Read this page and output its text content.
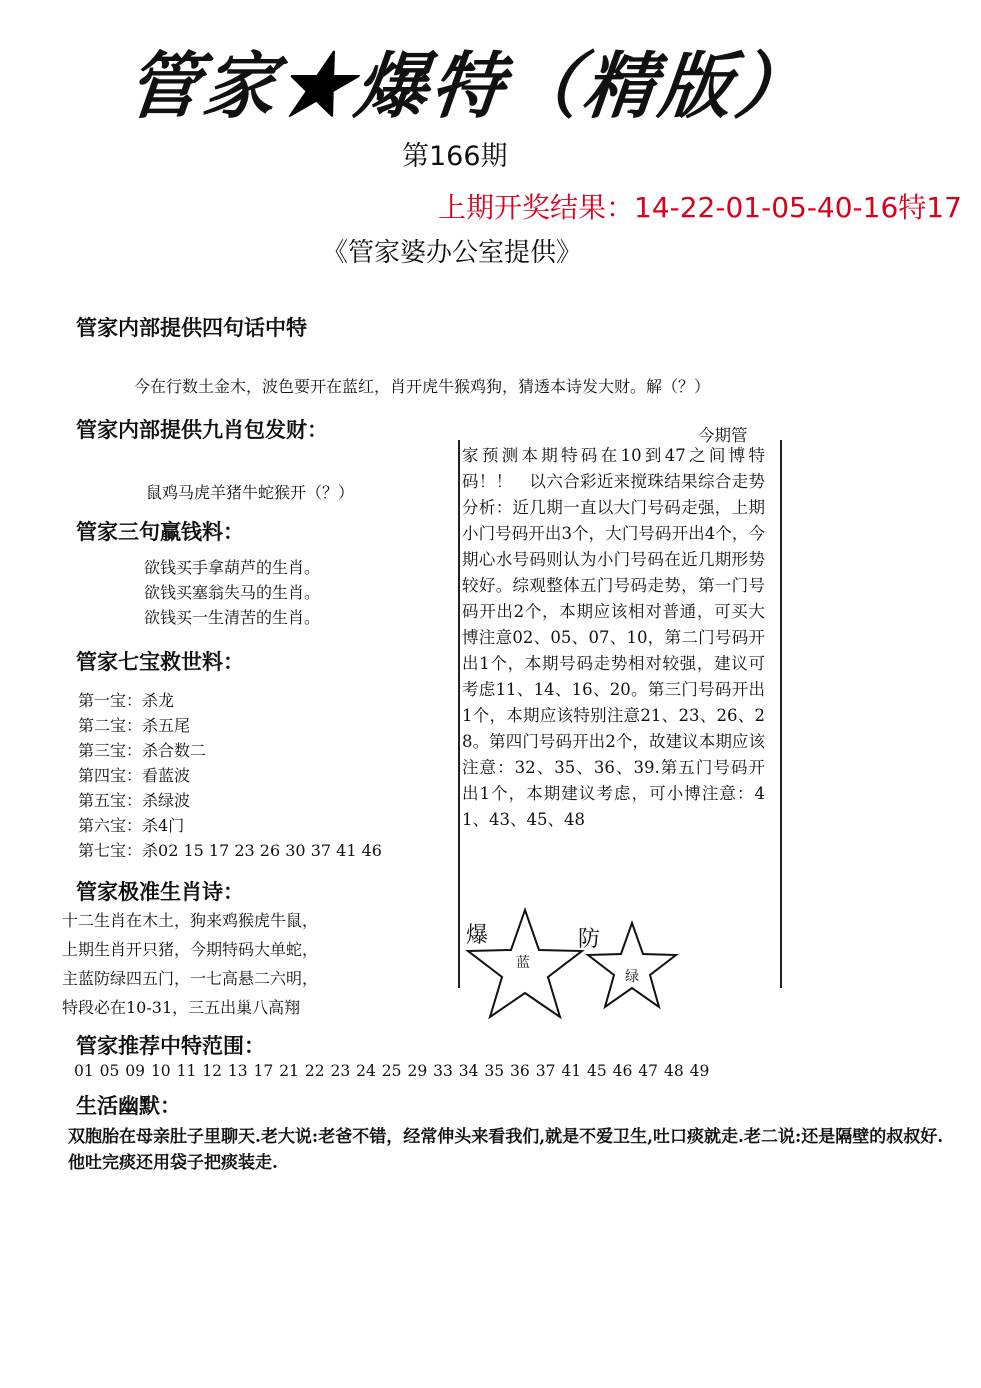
管家★爆特（精版）
第166期
上期开奖结果：14-22-01-05-40-16特17
《管家婆办公室提供》
管家内部提供四句话中特
今在行数土金木，波色要开在蓝红，肖开虎牛猴鸡狗，猜透本诗发大财。解（？）
管家内部提供九肖包发财：
鼠鸡马虎羊猪牛蛇猴开（？）
管家三句赢钱料：
欲钱买手拿葫芦的生肖。
欲钱买塞翁失马的生肖。
欲钱买一生清苦的生肖。
管家七宝救世料：
第一宝：杀龙
第二宝：杀五尾
第三宝：杀合数二
第四宝：看蓝波
第五宝：杀绿波
第六宝：杀4门
第七宝：杀02 15 17 23 26 30 37 41 46
管家极准生肖诗：
十二生肖在木土，狗来鸡猴虎牛鼠，
上期生肖开只猪，今期特码大单蛇，
主蓝防绿四五门，一七高悬二六明，
特段必在10-31，三五出巢八高翔
管家推荐中特范围：
01 05 09 10 11 12 13 17 21 22 23 24 25 29 33 34 35 36 37 41 45 46 47 48 49
生活幽默：
双胞胎在母亲肚子里聊天.老大说:老爸不错，经常伸头来看我们,就是不爱卫生,吐口痰就走.老二说:还是隔壁的叔叔好.他吐完痰还用袋子把痰装走.
今期管
家预测本期特码在10到47之间博特码！！　以六合彩近来搅珠结果综合走势分析：近几期一直以大门号码走强，上期小门号码开出3个，大门号码开出4个，今期心水号码则认为小门号码在近几期形势较好。综观整体五门号码走势，第一门号码开出2个，本期应该相对普通，可买大博注意02、05、07、10，第二门号码开出1个，本期号码走势相对较强，建议可考虑11、14、16、20。第三门号码开出1个，本期应该特别注意21、23、26、28。第四门号码开出2个，故建议本期应该注意：32、35、36、39.第五门号码开出1个，本期建议考虑，可小博注意：41、43、45、48
爆
蓝
防
绿
